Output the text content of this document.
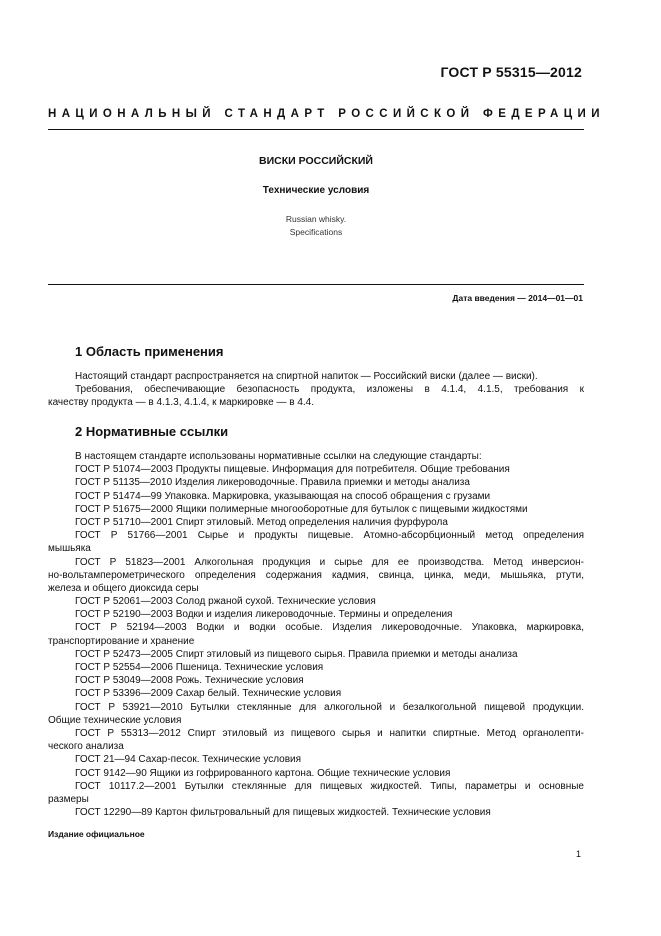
ГОСТ Р 55315—2012
НАЦИОНАЛЬНЫЙ СТАНДАРТ РОССИЙСКОЙ ФЕДЕРАЦИИ
ВИСКИ РОССИЙСКИЙ
Технические условия
Russian whisky.
Specifications
Дата введения — 2014—01—01
1 Область применения
Настоящий стандарт распространяется на спиртной напиток — Российский виски (далее — виски).
Требования, обеспечивающие безопасность продукта, изложены в 4.1.4, 4.1.5, требования к
качеству продукта — в 4.1.3, 4.1.4, к маркировке — в 4.4.
2 Нормативные ссылки
В настоящем стандарте использованы нормативные ссылки на следующие стандарты:
ГОСТ Р 51074—2003 Продукты пищевые. Информация для потребителя. Общие требования
ГОСТ Р 51135—2010 Изделия ликероводочные. Правила приемки и методы анализа
ГОСТ Р 51474—99 Упаковка. Маркировка, указывающая на способ обращения с грузами
ГОСТ Р 51675—2000 Ящики полимерные многооборотные для бутылок с пищевыми жидкостями
ГОСТ Р 51710—2001 Спирт этиловый. Метод определения наличия фурфурола
ГОСТ Р 51766—2001 Сырье и продукты пищевые. Атомно-абсорбционный метод определения
мышьяка
ГОСТ Р 51823—2001 Алкогольная продукция и сырье для ее производства. Метод инверсион-
но-вольтамперометрического определения содержания кадмия, свинца, цинка, меди, мышьяка, ртути,
железа и общего диоксида серы
ГОСТ Р 52061—2003 Солод ржаной сухой. Технические условия
ГОСТ Р 52190—2003 Водки и изделия ликероводочные. Термины и определения
ГОСТ Р 52194—2003 Водки и водки особые. Изделия ликероводочные. Упаковка, маркировка,
транспортирование и хранение
ГОСТ Р 52473—2005 Спирт этиловый из пищевого сырья. Правила приемки и методы анализа
ГОСТ Р 52554—2006 Пшеница. Технические условия
ГОСТ Р 53049—2008 Рожь. Технические условия
ГОСТ Р 53396—2009 Сахар белый. Технические условия
ГОСТ Р 53921—2010 Бутылки стеклянные для алкогольной и безалкогольной пищевой продукции.
Общие технические условия
ГОСТ Р 55313—2012 Спирт этиловый из пищевого сырья и напитки спиртные. Метод органолепти-
ческого анализа
ГОСТ 21—94 Сахар-песок. Технические условия
ГОСТ 9142—90 Ящики из гофрированного картона. Общие технические условия
ГОСТ 10117.2—2001 Бутылки стеклянные для пищевых жидкостей. Типы, параметры и основные
размеры
ГОСТ 12290—89 Картон фильтровальный для пищевых жидкостей. Технические условия
Издание официальное
1
